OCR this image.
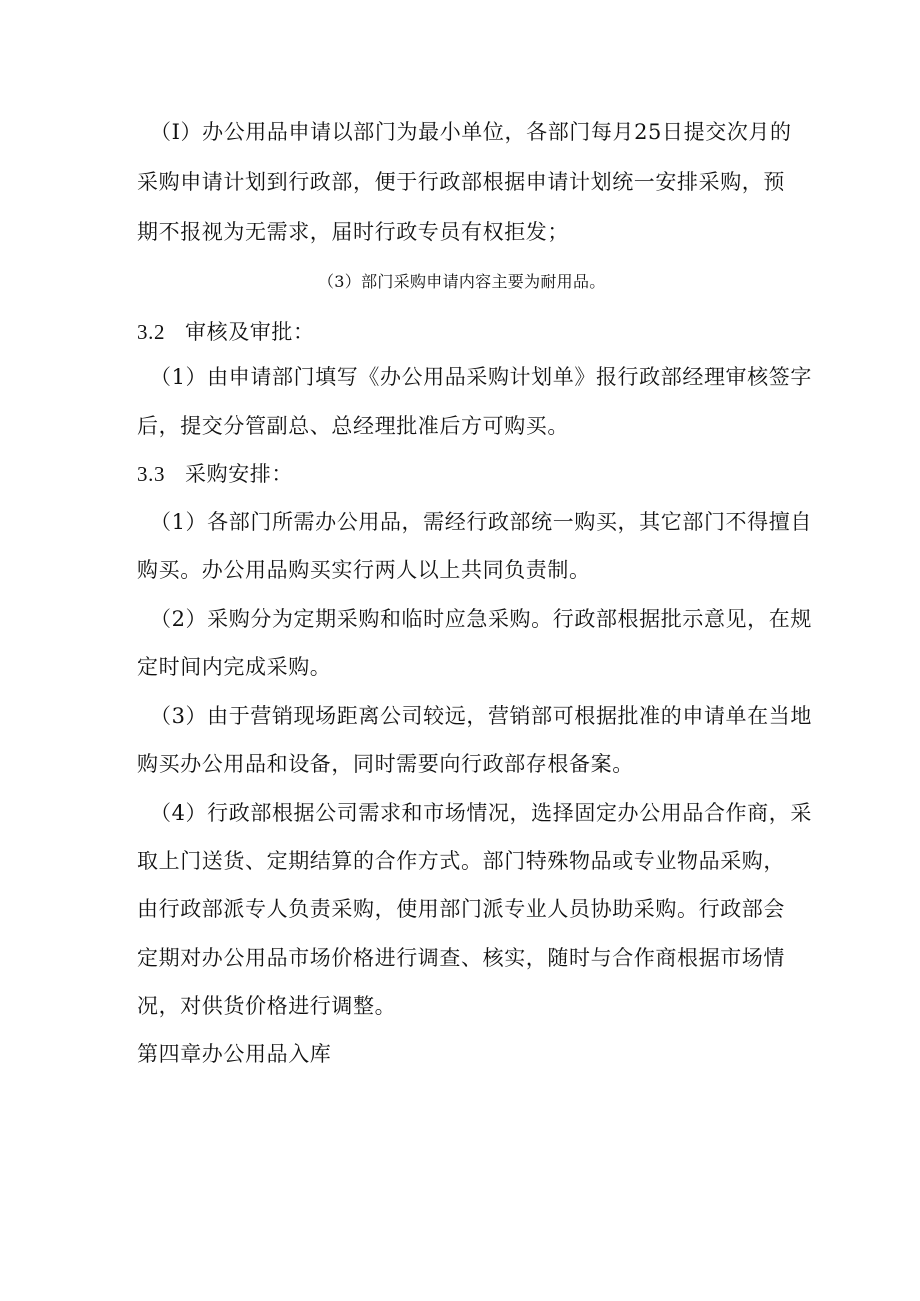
（I）办公用品申请以部门为最小单位，各部门每月25日提交次月的
采购申请计划到行政部，便于行政部根据申请计划统一安排采购，预
期不报视为无需求，届时行政专员有权拒发；
（3）部门采购申请内容主要为耐用品。
3.2 审核及审批：
（1）由申请部门填写《办公用品采购计划单》报行政部经理审核签字
后，提交分管副总、总经理批准后方可购买。
3.3 采购安排：
（1）各部门所需办公用品，需经行政部统一购买，其它部门不得擅自
购买。办公用品购买实行两人以上共同负责制。
（2）采购分为定期采购和临时应急采购。行政部根据批示意见，在规
定时间内完成采购。
（3）由于营销现场距离公司较远，营销部可根据批准的申请单在当地
购买办公用品和设备，同时需要向行政部存根备案。
（4）行政部根据公司需求和市场情况，选择固定办公用品合作商，采
取上门送货、定期结算的合作方式。部门特殊物品或专业物品采购，
由行政部派专人负责采购，使用部门派专业人员协助采购。行政部会
定期对办公用品市场价格进行调查、核实，随时与合作商根据市场情
况，对供货价格进行调整。
第四章办公用品入库
